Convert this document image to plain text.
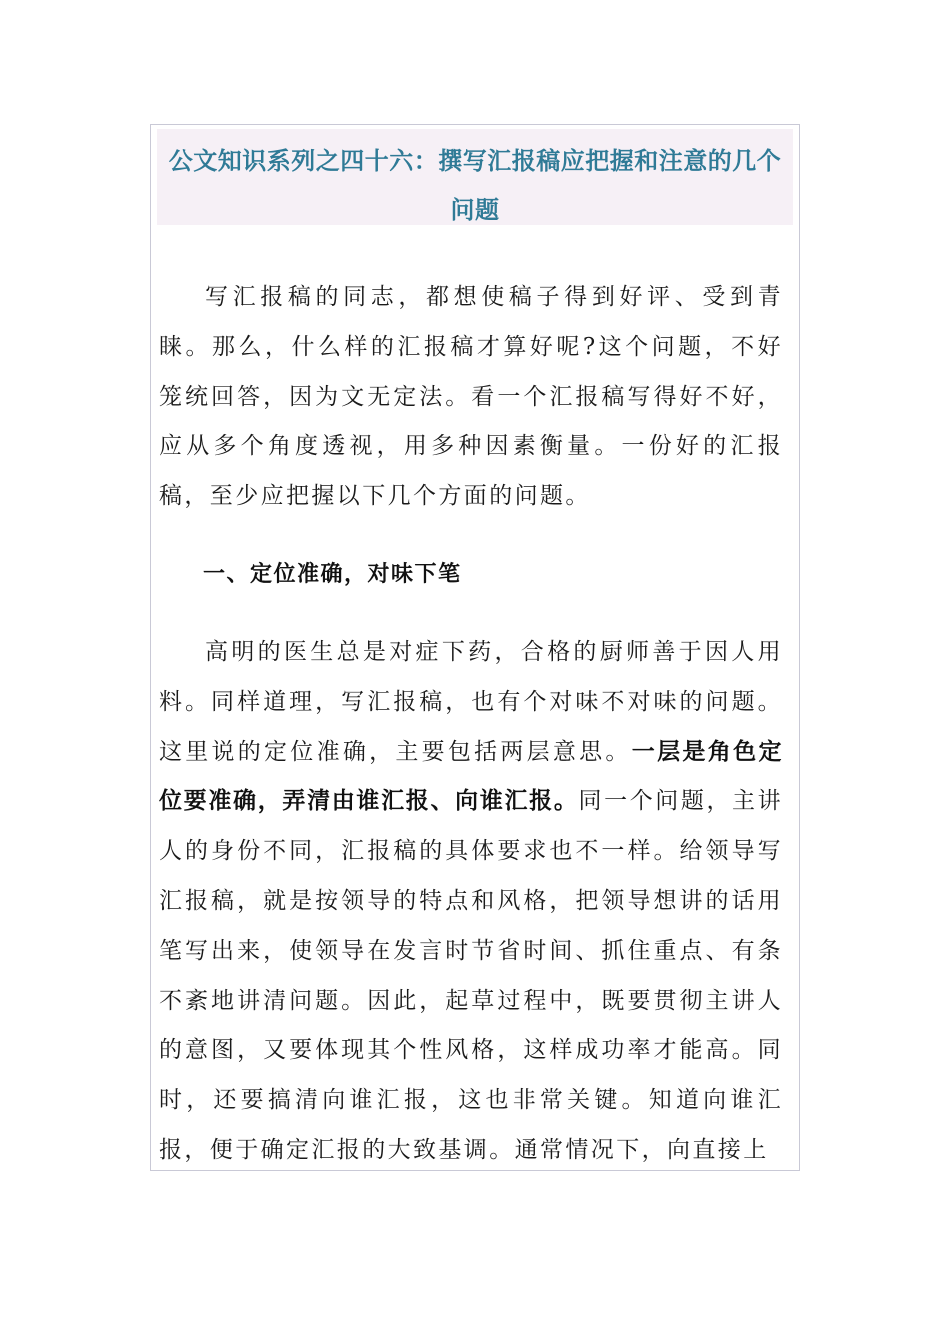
公文知识系列之四十六：撰写汇报稿应把握和注意的几个问题

写汇报稿的同志，都想使稿子得到好评、受到青睐。那么，什么样的汇报稿才算好呢?这个问题，不好笼统回答，因为文无定法。看一个汇报稿写得好不好，应从多个角度透视，用多种因素衡量。一份好的汇报稿，至少应把握以下几个方面的问题。

一、定位准确，对味下笔

高明的医生总是对症下药，合格的厨师善于因人用料。同样道理，写汇报稿，也有个对味不对味的问题。这里说的定位准确，主要包括两层意思。一层是角色定位要准确，弄清由谁汇报、向谁汇报。同一个问题，主讲人的身份不同，汇报稿的具体要求也不一样。给领导写汇报稿，就是按领导的特点和风格，把领导想讲的话用笔写出来，使领导在发言时节省时间、抓住重点、有条不紊地讲清问题。因此，起草过程中，既要贯彻主讲人的意图，又要体现其个性风格，这样成功率才能高。同时，还要搞清向谁汇报，这也非常关键。知道向谁汇报，便于确定汇报的大致基调。通常情况下，向直接上
